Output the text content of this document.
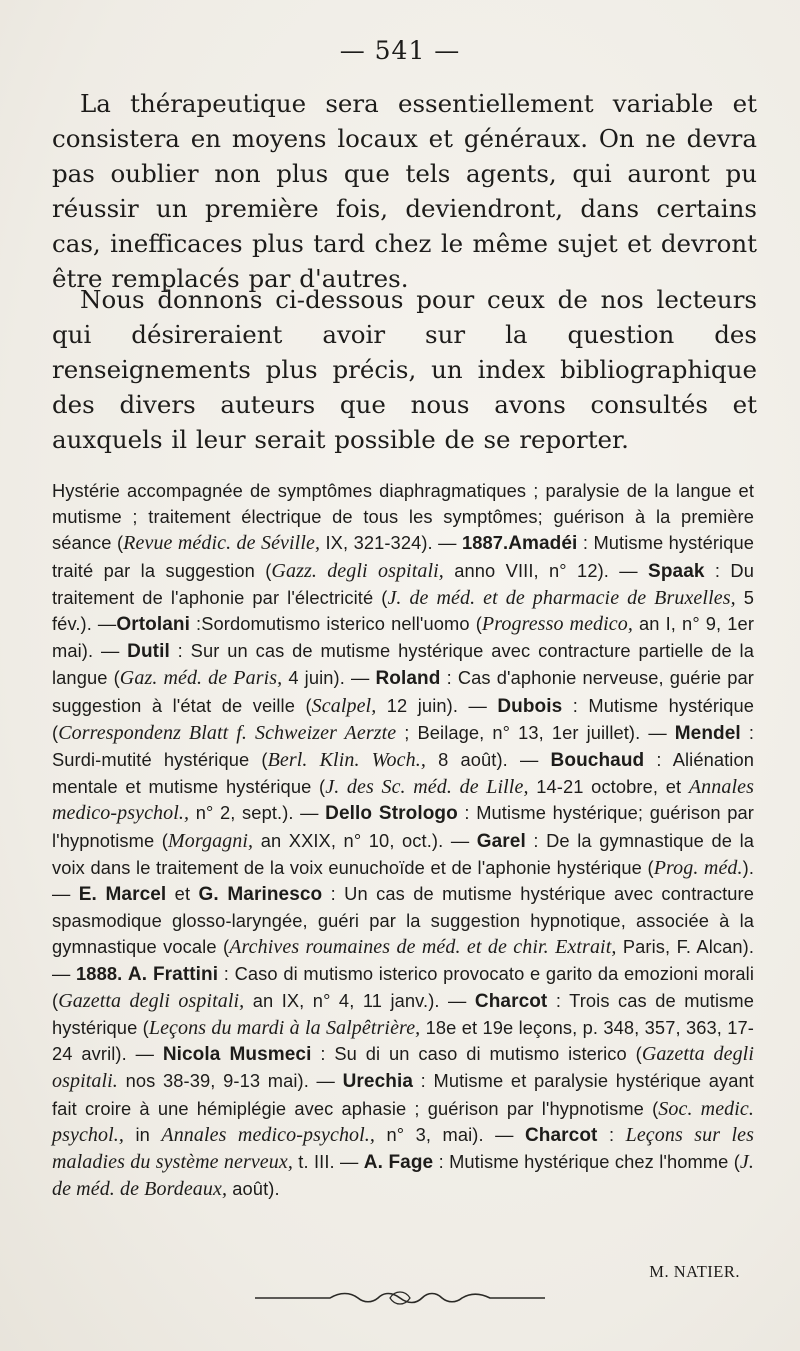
— 541 —

La thérapeutique sera essentiellement variable et consistera en moyens locaux et généraux. On ne devra pas oublier non plus que tels agents, qui auront pu réussir un première fois, deviendront, dans certains cas, inefficaces plus tard chez le même sujet et devront être remplacés par d'autres.

Nous donnons ci-dessous pour ceux de nos lecteurs qui désireraient avoir sur la question des renseignements plus précis, un index bibliographique des divers auteurs que nous avons consultés et auxquels il leur serait possible de se reporter.

Hystérie accompagnée de symptômes diaphragmatiques ; paralysie de la langue et mutisme ; traitement électrique de tous les symptômes; guérison à la première séance (Revue médic. de Séville, IX, 321-324). — 1887.Amadéi : Mutisme hystérique traité par la suggestion (Gazz. degli ospitali, anno VIII, n° 12). — Spaak : Du traitement de l'aphonie par l'électricité (J. de méd. et de pharmacie de Bruxelles, 5 fév.). —Ortolani :Sordomutismo isterico nell'uomo (Progresso medico, an I, n° 9, 1er mai). — Dutil : Sur un cas de mutisme hystérique avec contracture partielle de la langue (Gaz. méd. de Paris, 4 juin). — Roland : Cas d'aphonie nerveuse, guérie par suggestion à l'état de veille (Scalpel, 12 juin). — Dubois : Mutisme hystérique (Correspondenz Blatt f. Schweizer Aerzte ; Beilage, n° 13, 1er juillet). — Mendel : Surdi-mutité hystérique (Berl. Klin. Woch., 8 août). — Bouchaud : Aliénation mentale et mutisme hystérique (J. des Sc. méd. de Lille, 14-21 octobre, et Annales medico-psychol., n° 2, sept.). — Dello Strologo : Mutisme hystérique; guérison par l'hypnotisme (Morgagni, an XXIX, n° 10, oct.). — Garel : De la gymnastique de la voix dans le traitement de la voix eunuchoïde et de l'aphonie hystérique (Prog. méd.). — E. Marcel et G. Marinesco : Un cas de mutisme hystérique avec contracture spasmodique glosso-laryngée, guéri par la suggestion hypnotique, associée à la gymnastique vocale (Archives roumaines de méd. et de chir. Extrait, Paris, F. Alcan). — 1888. A. Frattini : Caso di mutismo isterico provocato e garito da emozioni morali (Gazetta degli ospitali, an IX, n° 4, 11 janv.). — Charcot : Trois cas de mutisme hystérique (Leçons du mardi à la Salpêtrière, 18e et 19e leçons, p. 348, 357, 363, 17-24 avril). — Nicola Musmeci : Su di un caso di mutismo isterico (Gazetta degli ospitali. nos 38-39, 9-13 mai). — Urechia : Mutisme et paralysie hystérique ayant fait croire à une hémiplégie avec aphasie ; guérison par l'hypnotisme (Soc. medic. psychol., in Annales medico-psychol., n° 3, mai). — Charcot : Leçons sur les maladies du système nerveux, t. III. — A. Fage : Mutisme hystérique chez l'homme (J. de méd. de Bordeaux, août).
M. NATIER.
